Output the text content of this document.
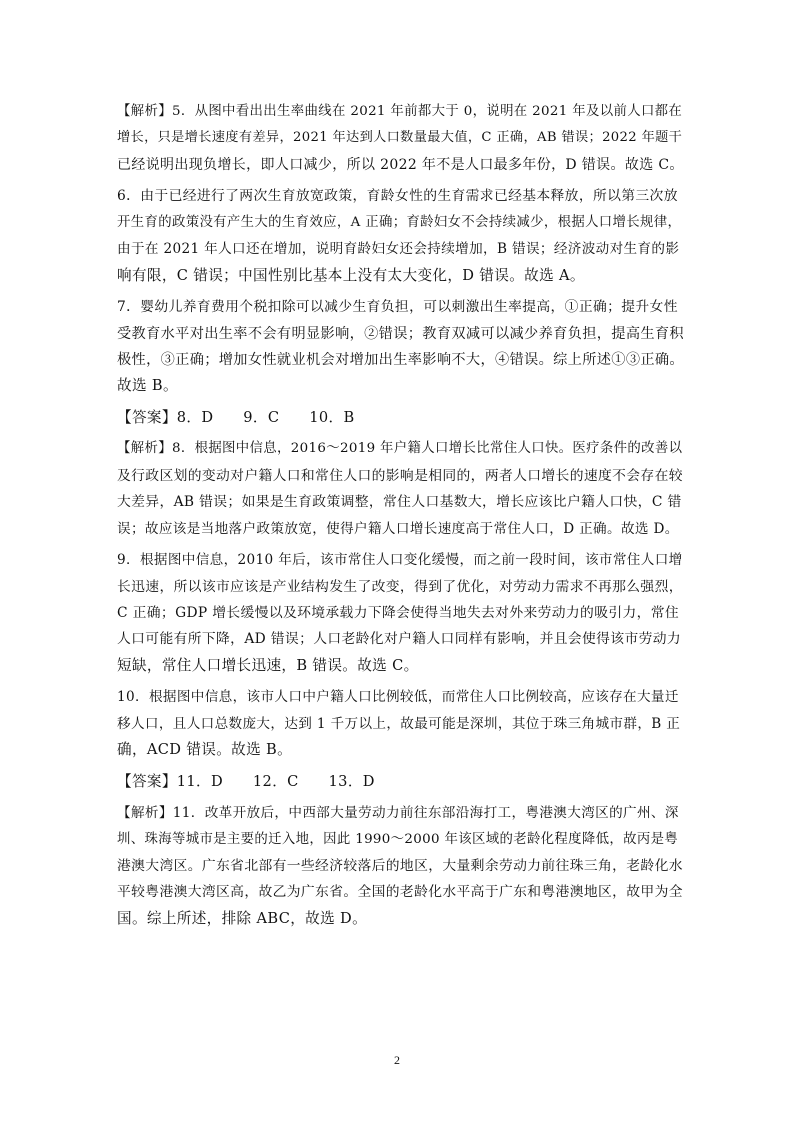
【解析】5．从图中看出出生率曲线在 2021 年前都大于 0，说明在 2021 年及以前人口都在
增长，只是增长速度有差异，2021 年达到人口数量最大值，C 正确，AB 错误；2022 年题干
已经说明出现负增长，即人口减少，所以 2022 年不是人口最多年份，D 错误。故选 C。
6．由于已经进行了两次生育放宽政策，育龄女性的生育需求已经基本释放，所以第三次放
开生育的政策没有产生大的生育效应，A 正确；育龄妇女不会持续减少，根据人口增长规律，
由于在 2021 年人口还在增加，说明育龄妇女还会持续增加，B 错误；经济波动对生育的影
响有限，C 错误；中国性别比基本上没有太大变化，D 错误。故选 A。
7．婴幼儿养育费用个税扣除可以减少生育负担，可以刺激出生率提高，①正确；提升女性
受教育水平对出生率不会有明显影响，②错误；教育双减可以减少养育负担，提高生育积
极性，③正确；增加女性就业机会对增加出生率影响不大，④错误。综上所述①③正确。
故选 B。
【答案】8．D　　9．C　　10．B
【解析】8．根据图中信息，2016～2019 年户籍人口增长比常住人口快。医疗条件的改善以
及行政区划的变动对户籍人口和常住人口的影响是相同的，两者人口增长的速度不会存在较
大差异，AB 错误；如果是生育政策调整，常住人口基数大，增长应该比户籍人口快，C 错
误；故应该是当地落户政策放宽，使得户籍人口增长速度高于常住人口，D 正确。故选 D。
9．根据图中信息，2010 年后，该市常住人口变化缓慢，而之前一段时间，该市常住人口增
长迅速，所以该市应该是产业结构发生了改变，得到了优化，对劳动力需求不再那么强烈，
C 正确；GDP 增长缓慢以及环境承载力下降会使得当地失去对外来劳动力的吸引力，常住
人口可能有所下降，AD 错误；人口老龄化对户籍人口同样有影响，并且会使得该市劳动力
短缺，常住人口增长迅速，B 错误。故选 C。
10．根据图中信息，该市人口中户籍人口比例较低，而常住人口比例较高，应该存在大量迁
移人口，且人口总数庞大，达到 1 千万以上，故最可能是深圳，其位于珠三角城市群，B 正
确，ACD 错误。故选 B。
【答案】11．D　　12．C　　13．D
【解析】11．改革开放后，中西部大量劳动力前往东部沿海打工，粤港澳大湾区的广州、深
圳、珠海等城市是主要的迁入地，因此 1990～2000 年该区域的老龄化程度降低，故丙是粤
港澳大湾区。广东省北部有一些经济较落后的地区，大量剩余劳动力前往珠三角，老龄化水
平较粤港澳大湾区高，故乙为广东省。全国的老龄化水平高于广东和粤港澳地区，故甲为全
国。综上所述，排除 ABC，故选 D。
2
